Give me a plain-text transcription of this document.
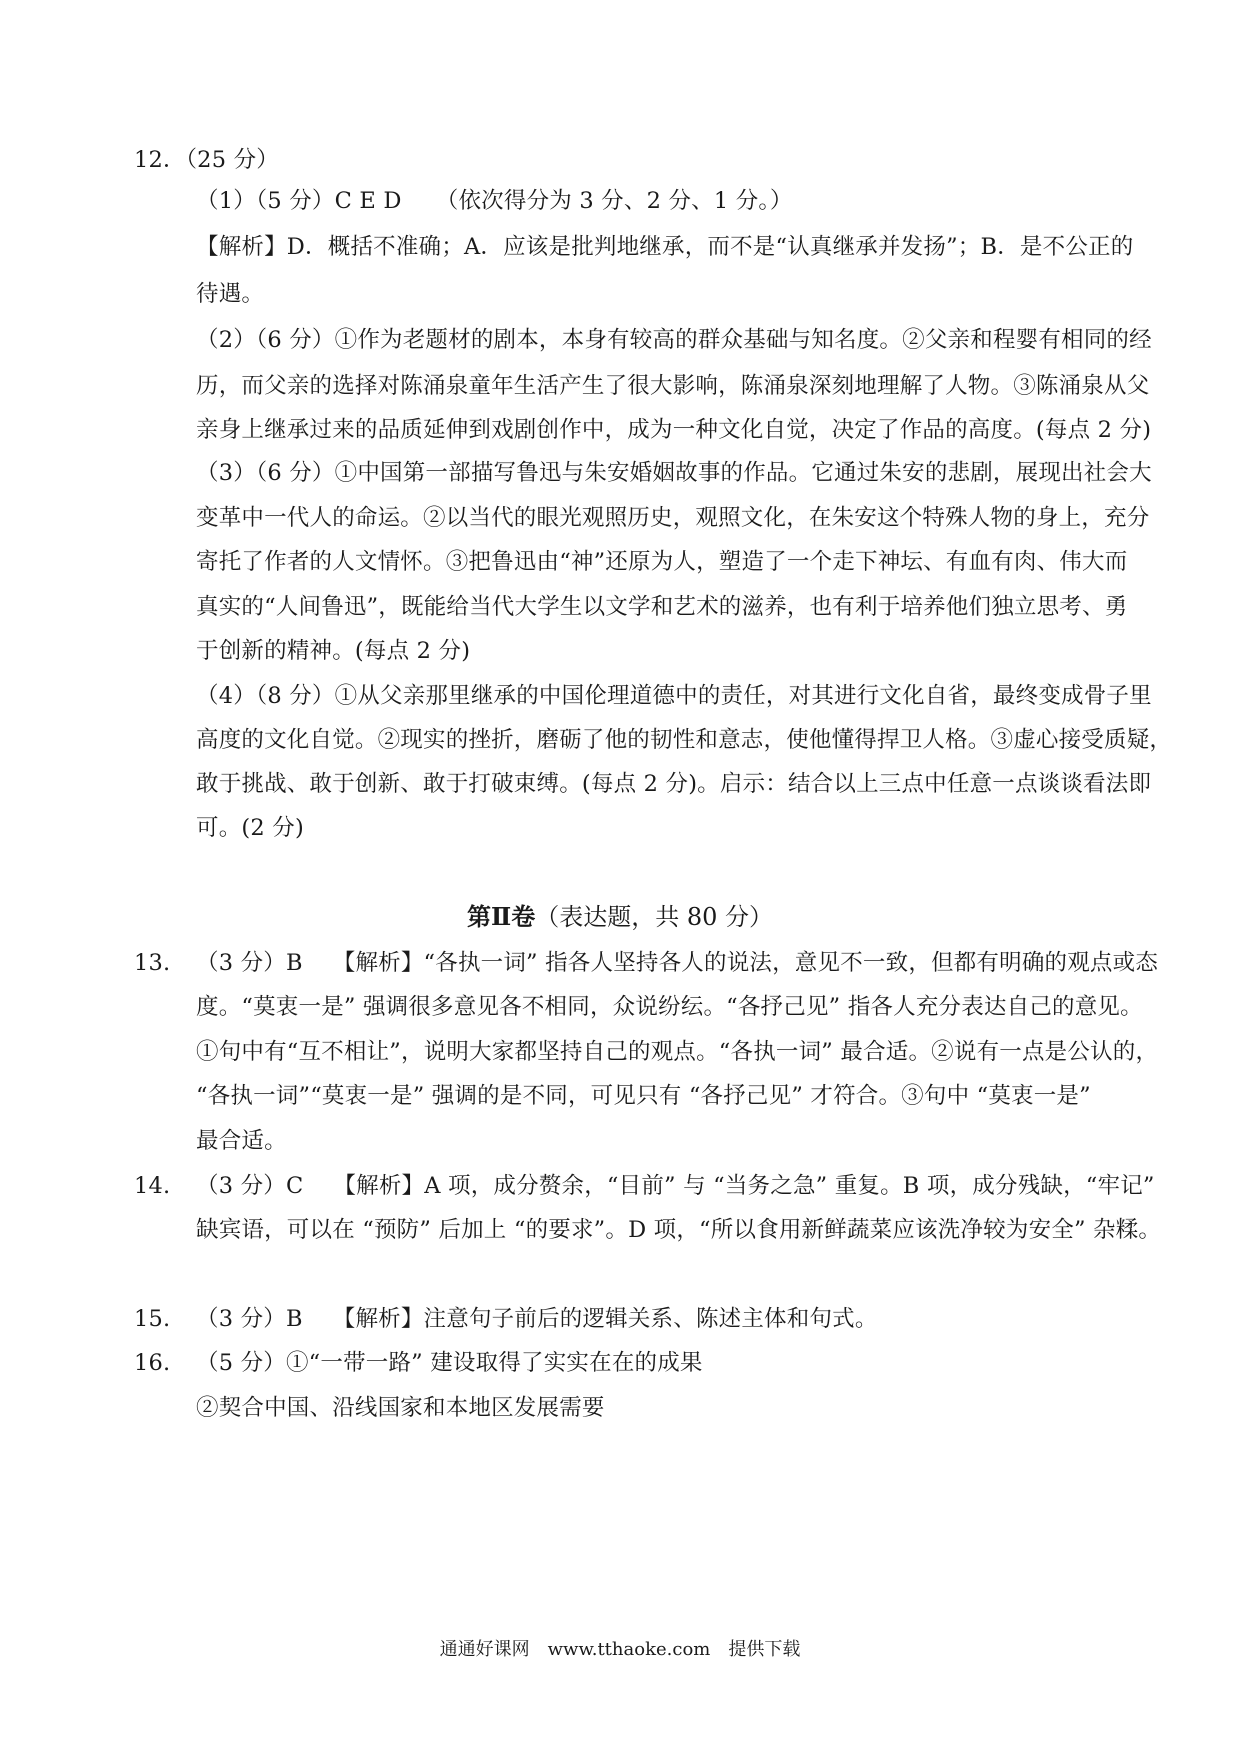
12．（25 分）
（1）（5 分）C E D　　（依次得分为 3 分、2 分、1 分。）
【解析】D．概括不准确；A．应该是批判地继承，而不是“认真继承并发扬”；B．是不公正的
待遇。
（2）（6 分）①作为老题材的剧本，本身有较高的群众基础与知名度。②父亲和程婴有相同的经
历，而父亲的选择对陈涌泉童年生活产生了很大影响，陈涌泉深刻地理解了人物。③陈涌泉从父
亲身上继承过来的品质延伸到戏剧创作中，成为一种文化自觉，决定了作品的高度。(每点 2 分)
（3）（6 分）①中国第一部描写鲁迅与朱安婚姻故事的作品。它通过朱安的悲剧，展现出社会大
变革中一代人的命运。②以当代的眼光观照历史，观照文化，在朱安这个特殊人物的身上，充分
寄托了作者的人文情怀。③把鲁迅由“神”还原为人，塑造了一个走下神坛、有血有肉、伟大而
真实的“人间鲁迅”，既能给当代大学生以文学和艺术的滋养，也有利于培养他们独立思考、勇
于创新的精神。(每点 2 分)
（4）（8 分）①从父亲那里继承的中国伦理道德中的责任，对其进行文化自省，最终变成骨子里
高度的文化自觉。②现实的挫折，磨砺了他的韧性和意志，使他懂得捍卫人格。③虚心接受质疑，
敢于挑战、敢于创新、敢于打破束缚。(每点 2 分)。启示：结合以上三点中任意一点谈谈看法即
可。(2 分)
第Ⅱ卷（表达题，共 80 分）
13. （3 分）B　 【解析】“各执一词” 指各人坚持各人的说法，意见不一致，但都有明确的观点或态
度。“莫衷一是” 强调很多意见各不相同，众说纷纭。“各抒己见” 指各人充分表达自己的意见。
①句中有“互不相让”，说明大家都坚持自己的观点。“各执一词” 最合适。②说有一点是公认的，
“各执一词”“莫衷一是” 强调的是不同，可见只有 “各抒己见” 才符合。③句中 “莫衷一是”
最合适。
14. （3 分）C　 【解析】A 项，成分赘余，“目前” 与 “当务之急” 重复。B 项，成分残缺，“牢记”
缺宾语，可以在 “预防” 后加上 “的要求”。D 项，“所以食用新鲜蔬菜应该洗净较为安全” 杂糅。
15. （3 分）B　 【解析】注意句子前后的逻辑关系、陈述主体和句式。
16. （5 分）①“一带一路” 建设取得了实实在在的成果
②契合中国、沿线国家和本地区发展需要
通通好课网　www.tthaoke.com　提供下载
